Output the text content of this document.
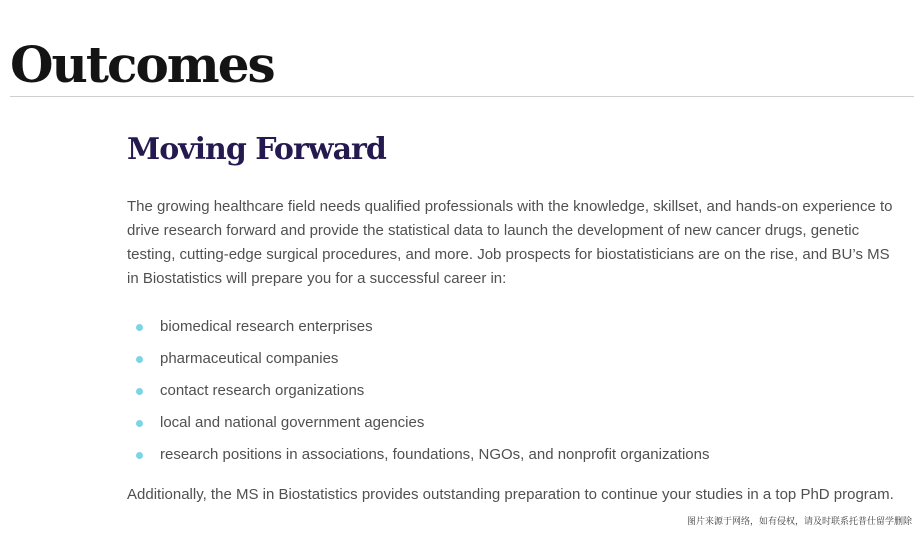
Outcomes
Moving Forward

The growing healthcare field needs qualified professionals with the knowledge, skillset, and hands-on experience to drive research forward and provide the statistical data to launch the development of new cancer drugs, genetic testing, cutting-edge surgical procedures, and more. Job prospects for biostatisticians are on the rise, and BU’s MS in Biostatistics will prepare you for a successful career in:

biomedical research enterprises
pharmaceutical companies
contact research organizations
local and national government agencies
research positions in associations, foundations, NGOs, and nonprofit organizations

Additionally, the MS in Biostatistics provides outstanding preparation to continue your studies in a top PhD program.

图片来源于网络，如有侵权，请及时联系托普仕留学删除
